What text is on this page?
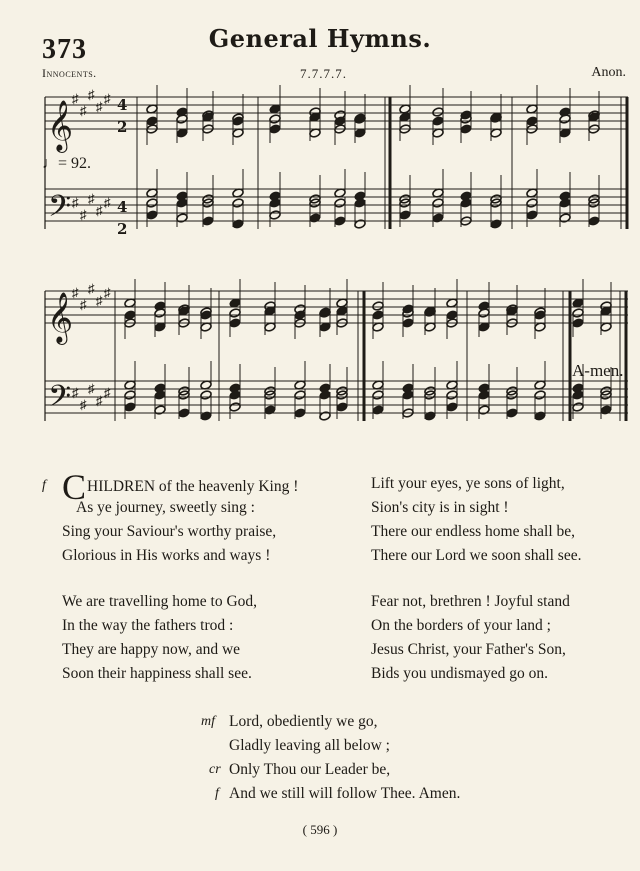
373	General Hymns.
Innocents.	7.7.7.7.	Anon.
♯
♯
♯
♯
♯
♯
♯
♯
♯
♯
♯
♯
♯
♯
♯
♯
♯
♯
♯
♯
𝄞
𝄢
𝄞
𝄢
4
2
4
2
♩= 92.
A-men.
f CHILDREN of the heavenly King !
As ye journey, sweetly sing :
Sing your Saviour's worthy praise,
Glorious in His works and ways !
We are travelling home to God,
In the way the fathers trod :
They are happy now, and we
Soon their happiness shall see.
Lift your eyes, ye sons of light,
Sion's city is in sight !
There our endless home shall be,
There our Lord we soon shall see.
Fear not, brethren ! Joyful stand
On the borders of your land ;
Jesus Christ, your Father's Son,
Bids you undismayed go on.
mf Lord, obediently we go,
Gladly leaving all below ;
cr Only Thou our Leader be,
f And we still will follow Thee. Amen.
( 596 )
